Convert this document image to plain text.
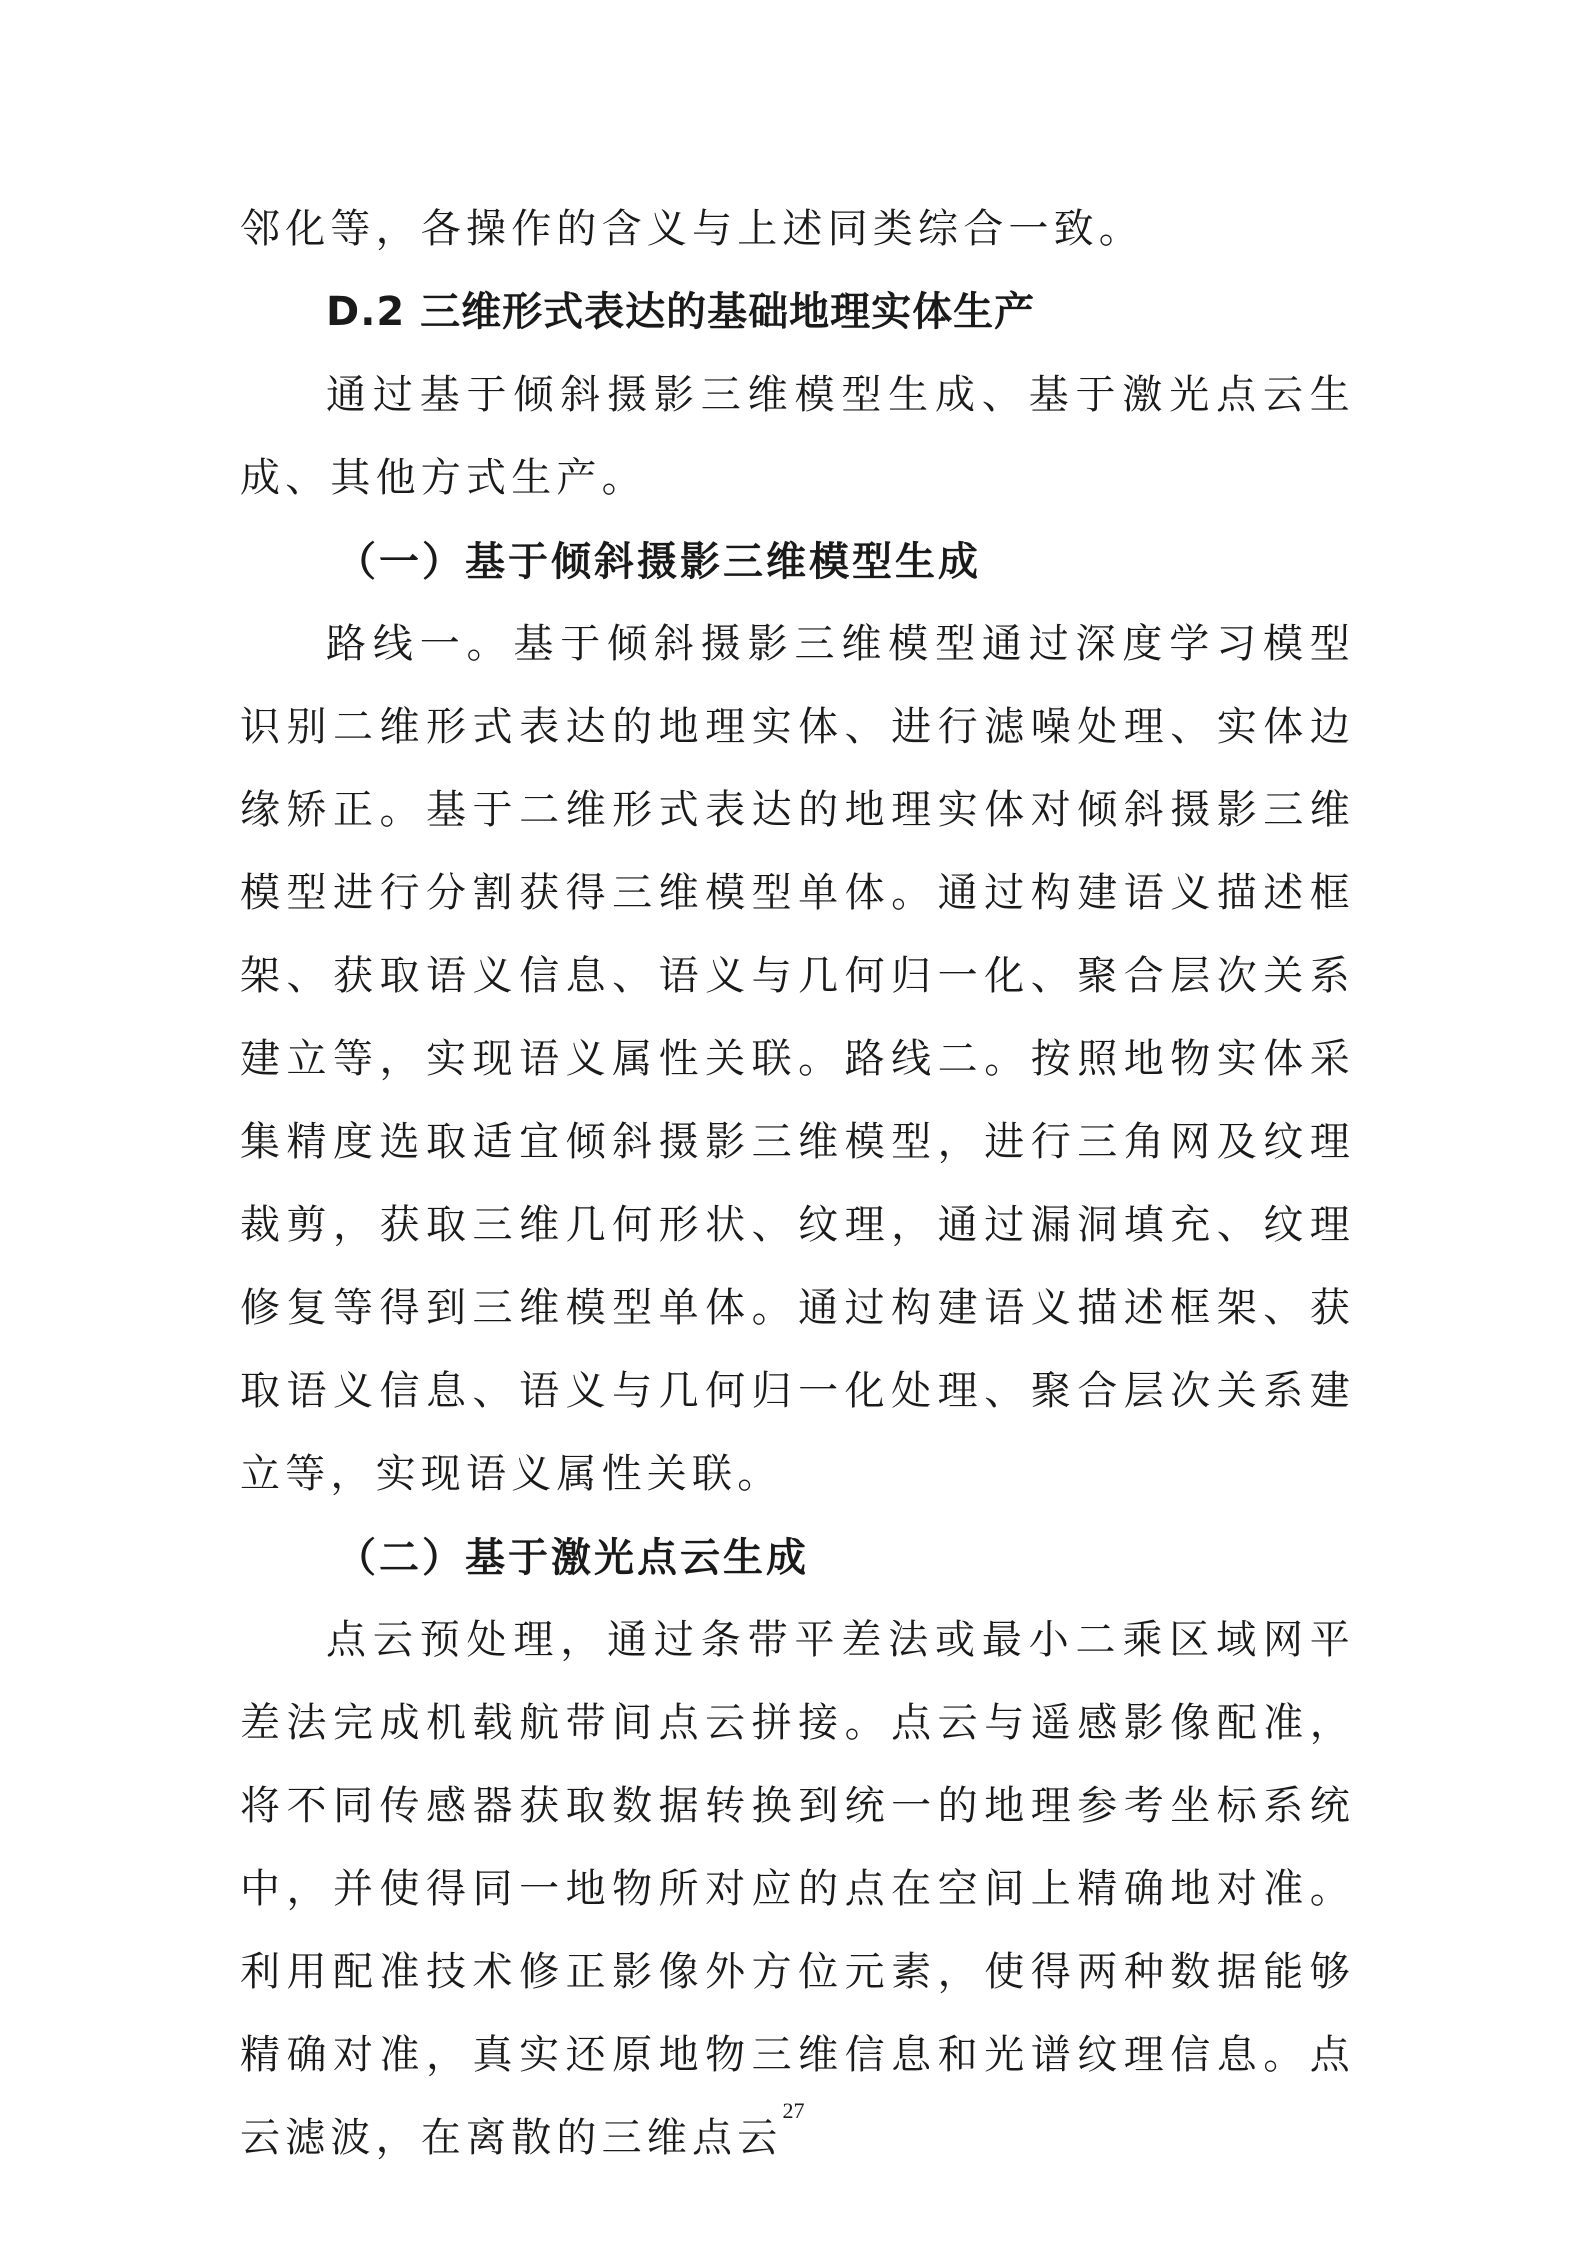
邻化等，各操作的含义与上述同类综合一致。

D.2 三维形式表达的基础地理实体生产

通过基于倾斜摄影三维模型生成、基于激光点云生成、其他方式生产。

（一）基于倾斜摄影三维模型生成

路线一。基于倾斜摄影三维模型通过深度学习模型识别二维形式表达的地理实体、进行滤噪处理、实体边缘矫正。基于二维形式表达的地理实体对倾斜摄影三维模型进行分割获得三维模型单体。通过构建语义描述框架、获取语义信息、语义与几何归一化、聚合层次关系建立等，实现语义属性关联。路线二。按照地物实体采集精度选取适宜倾斜摄影三维模型，进行三角网及纹理裁剪，获取三维几何形状、纹理，通过漏洞填充、纹理修复等得到三维模型单体。通过构建语义描述框架、获取语义信息、语义与几何归一化处理、聚合层次关系建立等，实现语义属性关联。

（二）基于激光点云生成

点云预处理，通过条带平差法或最小二乘区域网平差法完成机载航带间点云拼接。点云与遥感影像配准，将不同传感器获取数据转换到统一的地理参考坐标系统中，并使得同一地物所对应的点在空间上精确地对准。利用配准技术修正影像外方位元素，使得两种数据能够精确对准，真实还原地物三维信息和光谱纹理信息。点云滤波，在离散的三维点云

27
